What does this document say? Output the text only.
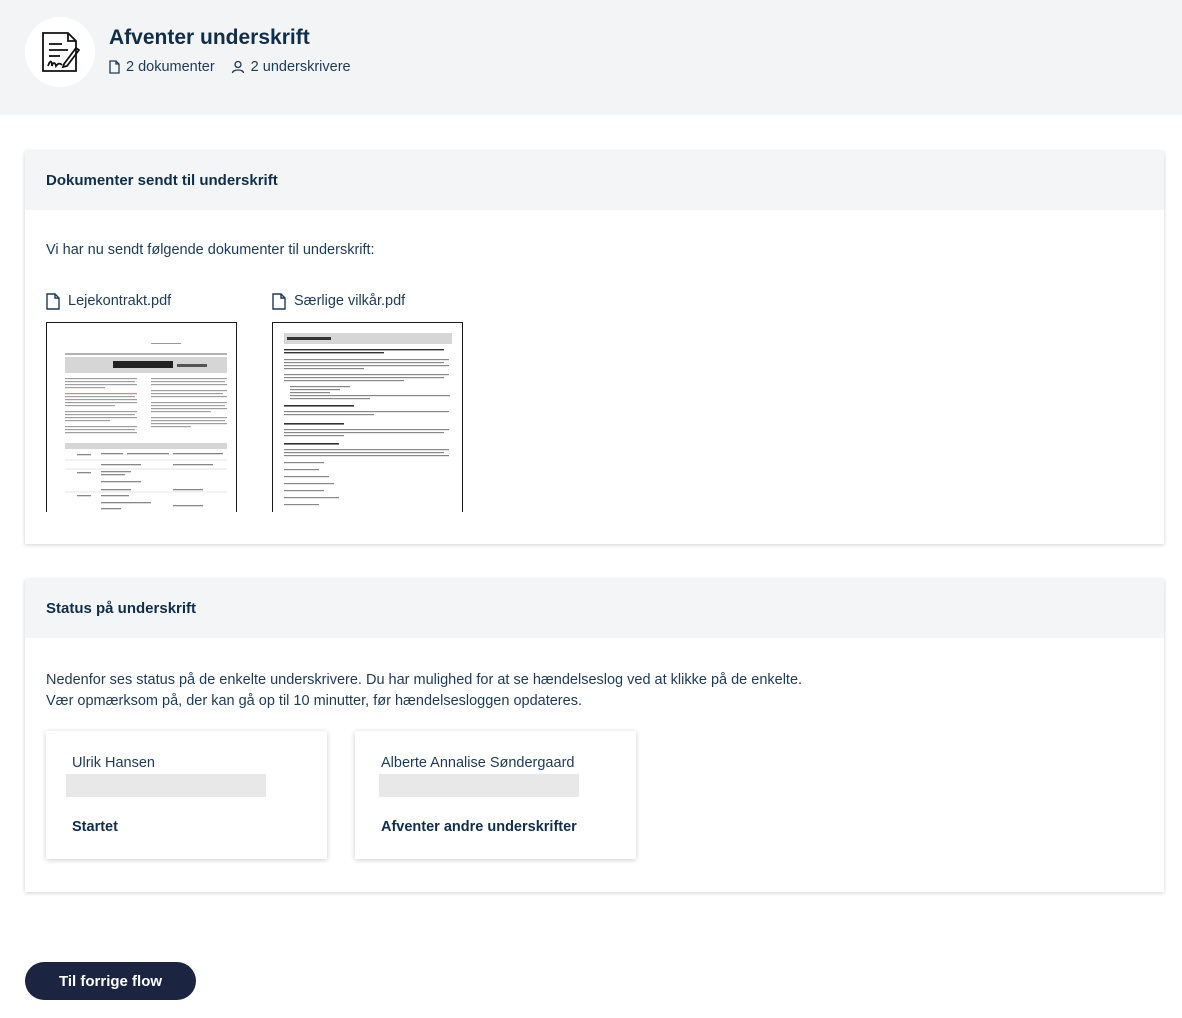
Afventer underskrift
2 dokumenter 2 underskrivere
Dokumenter sendt til underskrift
Vi har nu sendt følgende dokumenter til underskrift:
Lejekontrakt.pdf	Særlige vilkår.pdf
Status på underskrift
Nedenfor ses status på de enkelte underskrivere. Du har mulighed for at se hændelseslog ved at klikke på de enkelte.
Vær opmærksom på, der kan gå op til 10 minutter, før hændelsesloggen opdateres.
Ulrik Hansen
Startet
Alberte Annalise Søndergaard
Afventer andre underskrifter
Til forrige flow
